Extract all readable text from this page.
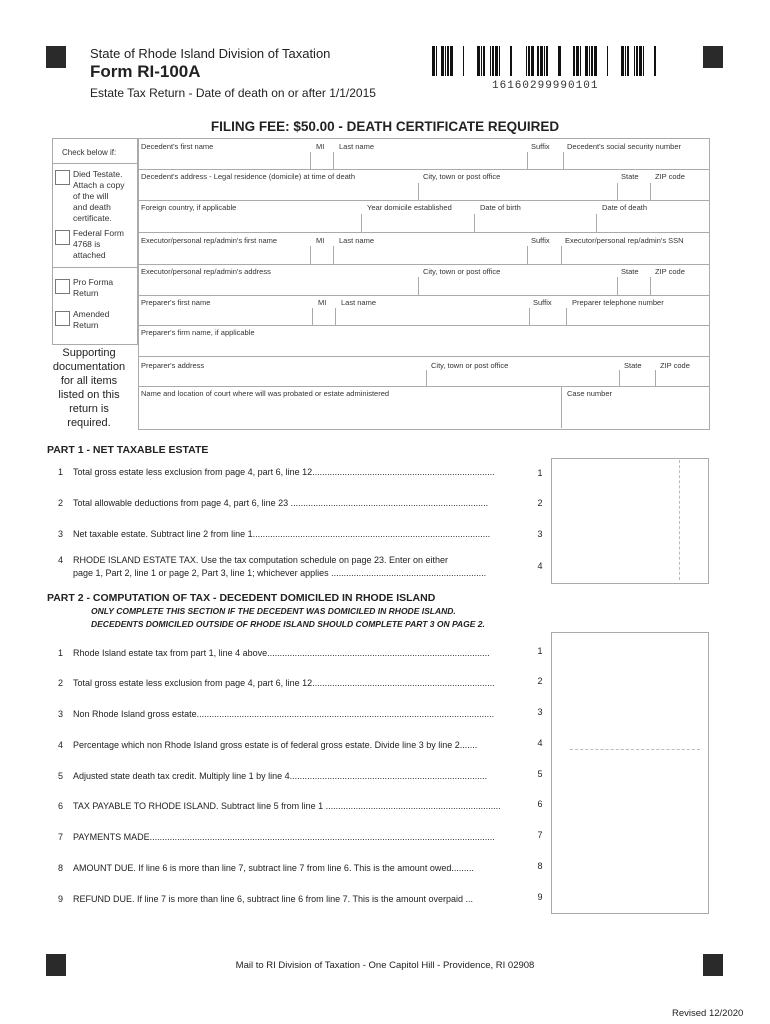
State of Rhode Island Division of Taxation
Form RI-100A
Estate Tax Return - Date of death on or after 1/1/2015	16160299990101
FILING FEE: $50.00 - DEATH CERTIFICATE REQUIRED
Check below if:
Died Testate.
Attach a copy
of the will
and death
certificate.
Federal Form
4768 is
attached
Pro Forma
Return
Amended
Return
Supporting
documentation
for all items
listed on this
return is
required.
Decedent's first name	MI Last name	Suffix Decedent's social security number
Decedent's address - Legal residence (domicile) at time of death	City, town or post office	State ZIP code
Foreign country, if applicable	Year domicile established	Date of birth	Date of death
Executor/personal rep/admin's first name	MI Last name	Suffix Executor/personal rep/admin's SSN
Executor/personal rep/admin's address	City, town or post office	State ZIP code
Preparer's first name	MI Last name	Suffix	Preparer telephone number
Preparer's firm name, if applicable
Preparer's address	City, town or post office	State ZIP code
Name and location of court where will was probated or estate administered	Case number
PART 1 - NET TAXABLE ESTATE
1 Total gross estate less exclusion from page 4, part 6, line 12.........................................................................	1
2 Total allowable deductions from page 4, part 6, line 23 ...............................................................................	2
3 Net taxable estate. Subtract line 2 from line 1...............................................................................................	3
4 RHODE ISLAND ESTATE TAX. Use the tax computation schedule on page 23. Enter on either
page 1, Part 2, line 1 or page 2, Part 3, line 1; whichever applies ..............................................................
4
PART 2 - COMPUTATION OF TAX - DECEDENT DOMICILED IN RHODE ISLAND
ONLY COMPLETE THIS SECTION IF THE DECEDENT WAS DOMICILED IN RHODE ISLAND.
DECEDENTS DOMICILED OUTSIDE OF RHODE ISLAND SHOULD COMPLETE PART 3 ON PAGE 2.
1 Rhode Island estate tax from part 1, line 4 above.........................................................................................	1
2 Total gross estate less exclusion from page 4, part 6, line 12.........................................................................	2
3 Non Rhode Island gross estate.......................................................................................................................	3
4 Percentage which non Rhode Island gross estate is of federal gross estate. Divide line 3 by line 2.......	4
5 Adjusted state death tax credit. Multiply line 1 by line 4...............................................................................	5
6 TAX PAYABLE TO RHODE ISLAND. Subtract line 5 from line 1 ......................................................................	6
7 PAYMENTS MADE..........................................................................................................................................	7
8 AMOUNT DUE. If line 6 is more than line 7, subtract line 7 from line 6. This is the amount owed.........	8
9 REFUND DUE. If line 7 is more than line 6, subtract line 6 from line 7. This is the amount overpaid ...	9
Mail to RI Division of Taxation - One Capitol Hill - Providence, RI 02908
Revised 12/2020
